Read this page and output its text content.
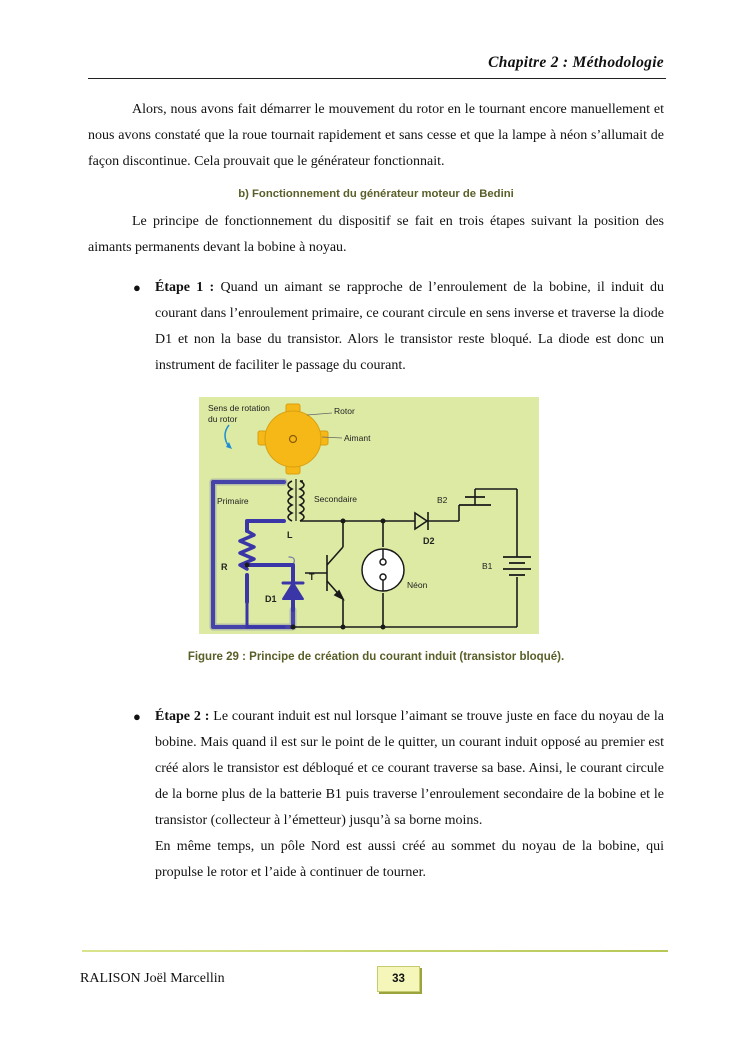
Chapitre 2 : Méthodologie

Alors, nous avons fait démarrer le mouvement du rotor en le tournant encore manuellement et nous avons constaté que la roue tournait rapidement et sans cesse et que la lampe à néon s’allumait de façon discontinue. Cela prouvait que le générateur fonctionnait.

b) Fonctionnement du générateur moteur de Bedini

Le principe de fonctionnement du dispositif se fait en trois étapes suivant la position des aimants permanents devant la bobine à noyau.

● Étape 1 : Quand un aimant se rapproche de l’enroulement de la bobine, il induit du courant dans l’enroulement primaire, ce courant circule en sens inverse et traverse la diode D1 et non la base du transistor. Alors le transistor reste bloqué. La diode est donc un instrument de faciliter le passage du courant.

Sens de rotation
du rotor
Rotor
Aimant
Primaire	Secondaire
L
R
T
D1
D2
B2
B1
Néon
Figure 29 : Principe de création du courant induit (transistor bloqué).

● Étape 2 : Le courant induit est nul lorsque l’aimant se trouve juste en face du noyau de la bobine. Mais quand il est sur le point de le quitter, un courant induit opposé au premier est créé alors le transistor est débloqué et ce courant traverse sa base. Ainsi, le courant circule de la borne plus de la batterie B1 puis traverse l’enroulement secondaire de la bobine et le transistor (collecteur à l’émetteur) jusqu’à sa borne moins.

En même temps, un pôle Nord est aussi créé au sommet du noyau de la bobine, qui propulse le rotor et l’aide à continuer de tourner.

RALISON Joël Marcellin	33
